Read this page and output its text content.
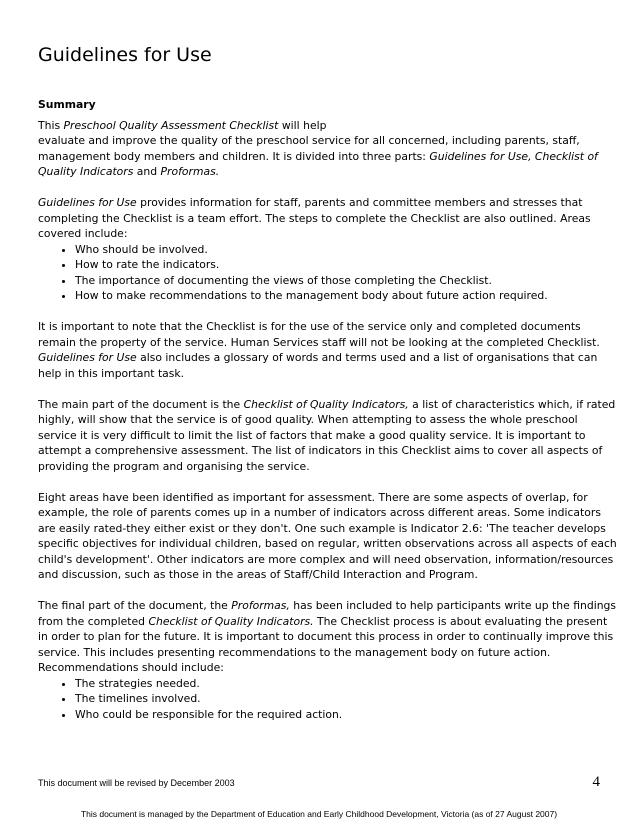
Guidelines for Use
Summary

This Preschool Quality Assessment Checklist will help
evaluate and improve the quality of the preschool service for all concerned, including parents, staff, management body members and children. It is divided into three parts: Guidelines for Use, Checklist of Quality Indicators and Proformas.

Guidelines for Use provides information for staff, parents and committee members and stresses that completing the Checklist is a team effort. The steps to complete the Checklist are also outlined. Areas covered include:

• Who should be involved.
• How to rate the indicators.
• The importance of documenting the views of those completing the Checklist.
• How to make recommendations to the management body about future action required.

It is important to note that the Checklist is for the use of the service only and completed documents remain the property of the service. Human Services staff will not be looking at the completed Checklist. Guidelines for Use also includes a glossary of words and terms used and a list of organisations that can help in this important task.

The main part of the document is the Checklist of Quality Indicators, a list of characteristics which, if rated highly, will show that the service is of good quality. When attempting to assess the whole preschool service it is very difficult to limit the list of factors that make a good quality service. It is important to attempt a comprehensive assessment. The list of indicators in this Checklist aims to cover all aspects of providing the program and organising the service.

Eight areas have been identified as important for assessment. There are some aspects of overlap, for example, the role of parents comes up in a number of indicators across different areas. Some indicators are easily rated-they either exist or they don't. One such example is Indicator 2.6: 'The teacher develops specific objectives for individual children, based on regular, written observations across all aspects of each child's development'. Other indicators are more complex and will need observation, information/resources and discussion, such as those in the areas of Staff/Child Interaction and Program.

The final part of the document, the Proformas, has been included to help participants write up the findings from the completed Checklist of Quality Indicators. The Checklist process is about evaluating the present in order to plan for the future. It is important to document this process in order to continually improve this service. This includes presenting recommendations to the management body on future action. Recommendations should include:

• The strategies needed.
• The timelines involved.
• Who could be responsible for the required action.
This document will be revised by December 2003	4
This document is managed by the Department of Education and Early Childhood Development, Victoria (as of 27 August 2007)
